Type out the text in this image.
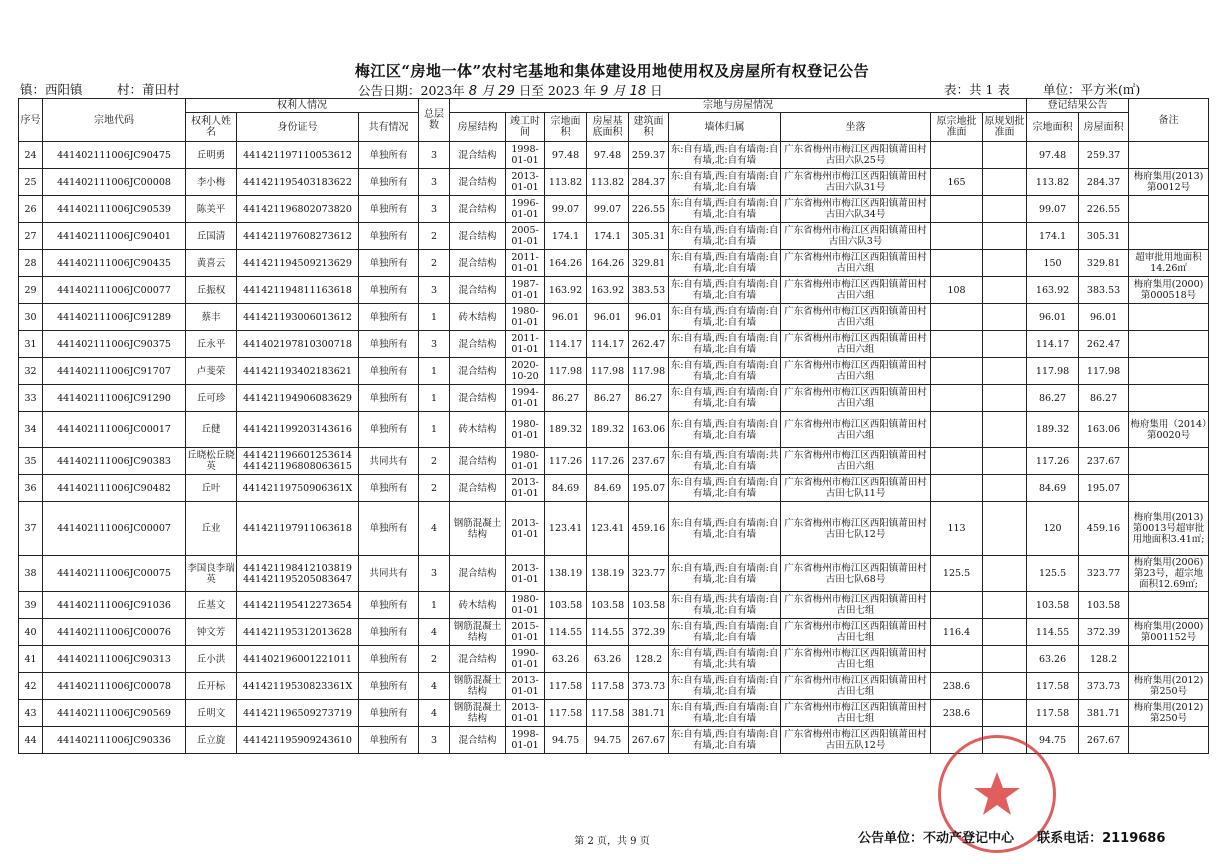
梅江区“房地一体”农村宅基地和集体建设用地使用权及房屋所有权登记公告
镇：西阳镇	村：莆田村	公告日期：2023年 8 月 29 日至 2023 年 9 月 18 日	表：共 1 表	单位：平方米(㎡)
序号	宗地代码	权利人情况			总层数	宗地与房屋情况									登记结果公告		备注
		权利人姓名	身份证号	共有情况		房屋结构	竣工时间	宗地面积	房屋基底面积	建筑面积	墙体归属	坐落	原宗地批准面	原规划批准面	宗地面积	房屋面积	
24	441402111006JC90475	丘明勇	441421197110053612	单独所有	3	混合结构	1998-01-01	97.48	97.48	259.37	东:自有墙,西:自有墙南:自有墙,北:自有墙	广东省梅州市梅江区西阳镇莆田村古田六队25号			97.48	259.37	
25	441402111006JC00008	李小梅	441421195403183622	单独所有	3	混合结构	2013-01-01	113.82	113.82	284.37	东:自有墙,西:自有墙南:自有墙,北:自有墙	广东省梅州市梅江区西阳镇莆田村古田六队31号	165		113.82	284.37	梅府集用(2013)第0012号
26	441402111006JC90539	陈美平	441421196802073820	单独所有	3	混合结构	1996-01-01	99.07	99.07	226.55	东:自有墙,西:自有墙南:自有墙,北:自有墙	广东省梅州市梅江区西阳镇莆田村古田六队34号			99.07	226.55	
27	441402111006JC90401	丘国清	441421197608273612	单独所有	2	混合结构	2005-01-01	174.1	174.1	305.31	东:自有墙,西:自有墙南:自有墙,北:自有墙	广东省梅州市梅江区西阳镇莆田村古田六队3号			174.1	305.31	
28	441402111006JC90435	黄喜云	441421194509213629	单独所有	2	混合结构	2011-01-01	164.26	164.26	329.81	东:自有墙,西:自有墙南:自有墙,北:自有墙	广东省梅州市梅江区西阳镇莆田村古田六组			150	329.81	超审批用地面积14.26㎡
29	441402111006JC00077	丘振权	441421194811163618	单独所有	3	混合结构	1987-01-01	163.92	163.92	383.53	东:自有墙,西:自有墙南:自有墙,北:自有墙	广东省梅州市梅江区西阳镇莆田村古田六组	108		163.92	383.53	梅府集用(2000)第000518号
30	441402111006JC91289	蔡丰	441421193006013612	单独所有	1	砖木结构	1980-01-01	96.01	96.01	96.01	东:自有墙,西:自有墙南:自有墙,北:自有墙	广东省梅州市梅江区西阳镇莆田村古田六组			96.01	96.01	
31	441402111006JC90375	丘永平	441402197810300718	单独所有	3	混合结构	2011-01-01	114.17	114.17	262.47	东:自有墙,西:自有墙南:自有墙,北:自有墙	广东省梅州市梅江区西阳镇莆田村古田六组			114.17	262.47	
32	441402111006JC91707	卢斐荣	441421193402183621	单独所有	1	混合结构	2020-10-20	117.98	117.98	117.98	东:自有墙,西:自有墙南:自有墙,北:自有墙	广东省梅州市梅江区西阳镇莆田村古田六组			117.98	117.98	
33	441402111006JC91290	丘可珍	441421194906083629	单独所有	1	混合结构	1994-01-01	86.27	86.27	86.27	东:自有墙,西:自有墙南:自有墙,北:自有墙	广东省梅州市梅江区西阳镇莆田村古田六组			86.27	86.27	
34	441402111006JC00017	丘健	441421199203143616	单独所有	1	砖木结构	1980-01-01	189.32	189.32	163.06	东:自有墙,西:自有墙南:自有墙,北:自有墙	广东省梅州市梅江区西阳镇莆田村古田六组			189.32	163.06	梅府集用（2014）第0020号
35	441402111006JC90383	丘晓松丘晓英	441421196601253614 441421196808063615	共同共有	2	混合结构	1980-01-01	117.26	117.26	237.67	东:自有墙,西:自有墙南:共有墙,北:自有墙	广东省梅州市梅江区西阳镇莆田村古田六组			117.26	237.67	
36	441402111006JC90482	丘叶	44142119750906361X	单独所有	2	混合结构	2013-01-01	84.69	84.69	195.07	东:自有墙,西:自有墙南:自有墙,北:自有墙	广东省梅州市梅江区西阳镇莆田村古田七队11号			84.69	195.07	
37	441402111006JC00007	丘业	441421197911063618	单独所有	4	钢筋混凝土结构	2013-01-01	123.41	123.41	459.16	东:自有墙,西:自有墙南:自有墙,北:自有墙	广东省梅州市梅江区西阳镇莆田村古田七队12号	113		120	459.16	梅府集用(2013)第0013号超审批用地面积3.41㎡;
38	441402111006JC00075	李国良李瑞英	441421198412103819 441421195205083647	共同共有	3	混合结构	2013-01-01	138.19	138.19	323.77	东:自有墙,西:自有墙南:自有墙,北:自有墙	广东省梅州市梅江区西阳镇莆田村古田七队68号	125.5		125.5	323.77	梅府集用(2006)第23号，超宗地面积12.69㎡;
39	441402111006JC91036	丘基文	441421195412273654	单独所有	1	砖木结构	1980-01-01	103.58	103.58	103.58	东:自有墙,西:共有墙南:自有墙,北:自有墙	广东省梅州市梅江区西阳镇莆田村古田七组			103.58	103.58	
40	441402111006JC00076	钟文芳	441421195312013628	单独所有	4	钢筋混凝土结构	2015-01-01	114.55	114.55	372.39	东:自有墙,西:自有墙南:自有墙,北:自有墙	广东省梅州市梅江区西阳镇莆田村古田七组	116.4		114.55	372.39	梅府集用(2000)第001152号
41	441402111006JC90313	丘小洪	441402196001221011	单独所有	2	混合结构	1990-01-01	63.26	63.26	128.2	东:自有墙,西:自有墙南:自有墙,北:共有墙	广东省梅州市梅江区西阳镇莆田村古田七组			63.26	128.2	
42	441402111006JC00078	丘开标	44142119530823361X	单独所有	4	钢筋混凝土结构	2013-01-01	117.58	117.58	373.73	东:自有墙,西:自有墙南:自有墙,北:自有墙	广东省梅州市梅江区西阳镇莆田村古田七组	238.6		117.58	373.73	梅府集用(2012)第250号
43	441402111006JC90569	丘明文	441421196509273719	单独所有	4	钢筋混凝土结构	2013-01-01	117.58	117.58	381.71	东:自有墙,西:自有墙南:自有墙,北:自有墙	广东省梅州市梅江区西阳镇莆田村古田七组	238.6		117.58	381.71	梅府集用(2012)第250号
44	441402111006JC90336	丘立旋	441421195909243610	单独所有	3	混合结构	1998-01-01	94.75	94.75	267.67	东:自有墙,西:自有墙南:自有墙,北:自有墙	广东省梅州市梅江区西阳镇莆田村古田五队12号			94.75	267.67	
第 2 页，共 9 页	公告单位：不动产登记中心 联系电话：2119686
